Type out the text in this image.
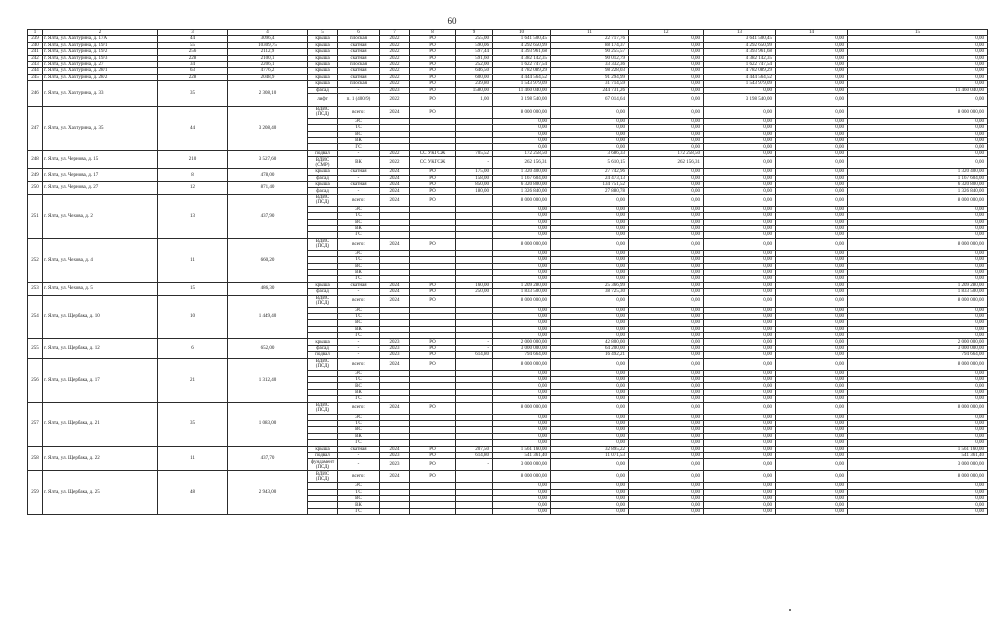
60
1	2	3	4	5	6	7	8	9	10	11	12	13	14	15
239	г. Ялта, ул. Хахтурина, д. 17А	44	3096,4	крыша	плоская	2022	РО	255,00	1 641 500,45	22 717,76	0,00	3 641 500,45	0,00	0,00
240	г. Ялта, ул. Хахтурина, д. 19/1	55	10309,75	крыша	скатная	2022	РО	590,06	4 292 650,99	88 174,37	0,00	4 292 650,99	0,00	0,00
241	г. Ялта, ул. Хахтурина, д. 19/2	256	2112,9	крыша	скатная	2022	РО	597,44	4 393 961,68	90 255,57	0,00	4 393 961,68	0,00	0,00
242	г. Ялта, ул. Хахтурина, д. 19/3	228	2100,1	крыша	скатная	2022	РО	591,60	4 382 142,35	90 012,79	0,00	4 382 142,35	0,00	0,00
243	г. Ялта, ул. Хахтурина, д. 27	34	2206,1	крыша	плоская	2022	РО	252,00	1 622 747,54	33 332,36	0,00	1 622 747,54	0,00	0,00
244	г. Ялта, ул. Хахтурина, д. 28/1	63	4776,2	крыша	скатная	2022	РО	646,50	4 782 089,29	98 228,03	0,00	4 782 089,29	0,00	0,00
245	г. Ялта, ул. Хахтурина, д. 28/2	228	2048,9	крыша	скатная	2022	РО	600,00	4 444 564,52	91 294,99	0,00	4 444 564,52	0,00	0,00
246	г. Ялта, ул. Хахтурина, д. 33	35	2 308,10	крыша	плоская	2022	РО	239,80	1 543 979,09	31 714,59	0,00	1 543 979,09	0,00	0,00
				фасад	-	2023	РО	1580,00	11 460 040,00	244 731,26	0,00	0,00	0,00	11 460 040,00
				лифт	п. 1 (400/9)	2022	РО	1,00	3 198 540,00	67 014,64	0,00	3 198 540,00	0,00	0,00
247	г. Ялта, ул. Хахтурина, д. 35	44	3 208,40	ВДИС (ПСД)	всего:	2024	РО		8 000 000,00	0,00	0,00	0,00	0,00	8 000 000,00
					ЭС				0,00	0,00	0,00	0,00	0,00	0,00
					ТС				0,00	0,00	0,00	0,00	0,00	0,00
					ВС				0,00	0,00	0,00	0,00	0,00	0,00
					ВК				0,00	0,00	0,00	0,00	0,00	0,00
					ГС				0,00	0,00	0,00	0,00	0,00	0,00
248	г. Ялта, ул. Чернова, д. 15	210	3 527,60	подвал	-	2022	СС УКГСЖ	705,52	172 258,50	3 686,33	172 258,50	0,00	0,00	0,00
				ВДИС (СМР)	ВК	2022	СС УКГСЖ	-	262 156,31	5 610,15	262 156,31	0,00	0,00	0,00
249	г. Ялта, ул. Чернова, д. 17	8	478,00	крыша	скатная	2024	РО	175,00	1 320 400,00	27 742,96	0,00	0,00	0,00	1 320 400,00
				фасад	-	2024	РО	158,00	1 167 604,00	24 473,13	0,00	0,00	0,00	1 167 604,00
250	г. Ялта, ул. Чернова, д. 27	12	871,40	крыша	скатная	2024	РО	850,00	6 320 800,00	134 751,52	0,00	0,00	0,00	6 320 800,00
				фасад	-	2024	РО	180,00	1 326 840,00	27 880,78	0,00	0,00	0,00	1 326 840,00
251	г. Ялта, ул. Чехова, д. 2	13	437,90	ВДИС (ПСД)	всего:	2024	РО		8 000 000,00	0,00	0,00	0,00	0,00	8 000 000,00
					ЭС				0,00	0,00	0,00	0,00	0,00	0,00
					ТС				0,00	0,00	0,00	0,00	0,00	0,00
					ВС				0,00	0,00	0,00	0,00	0,00	0,00
					ВК				0,00	0,00	0,00	0,00	0,00	0,00
					ГС				0,00	0,00	0,00	0,00	0,00	0,00
252	г. Ялта, ул. Чехова, д. 4	11	660,20	ВДИС (ПСД)	всего:	2024	РО		8 000 000,00	0,00	0,00	0,00	0,00	8 000 000,00
					ЭС				0,00	0,00	0,00	0,00	0,00	0,00
					ТС				0,00	0,00	0,00	0,00	0,00	0,00
					ВС				0,00	0,00	0,00	0,00	0,00	0,00
					ВК				0,00	0,00	0,00	0,00	0,00	0,00
					ГС				0,00	0,00	0,00	0,00	0,00	0,00
253	г. Ялта, ул. Чехова, д. 5	15	486,30	крыша	скатная	2024	РО	160,00	1 209 280,00	25 366,99	0,00	0,00	0,00	1 209 280,00
				фасад	-	2024	РО	250,00	1 833 500,00	38 725,30	0,00	0,00	0,00	1 833 500,00
254	г. Ялта, ул. Щербака, д. 10	10	1 449,40	ВДИС (ПСД)	всего:	2024	РО		8 000 000,00	0,00	0,00	0,00	0,00	8 000 000,00
					ЭС				0,00	0,00	0,00	0,00	0,00	0,00
					ТС				0,00	0,00	0,00	0,00	0,00	0,00
					ВС				0,00	0,00	0,00	0,00	0,00	0,00
					ВК				0,00	0,00	0,00	0,00	0,00	0,00
					ГС				0,00	0,00	0,00	0,00	0,00	0,00
255	г. Ялта, ул. Щербака, д. 12	6	652,00	крыша	-	2023	РО	-	2 000 000,00	42 800,00	0,00	0,00	0,00	2 000 000,00
				фасад	-	2023	РО	-	3 000 000,00	64 200,00	0,00	0,00	0,00	3 000 000,00
				подвал	-	2023	РО	614,80	794 664,00	16 492,21	0,00	0,00	0,00	794 664,00
256	г. Ялта, ул. Щербака, д. 17	21	1 312,40	ВДИС (ПСД)	всего:	2024	РО		8 000 000,00	0,00	0,00	0,00	0,00	8 000 000,00
					ЭС				0,00	0,00	0,00	0,00	0,00	0,00
					ТС				0,00	0,00	0,00	0,00	0,00	0,00
					ВС				0,00	0,00	0,00	0,00	0,00	0,00
					ВК				0,00	0,00	0,00	0,00	0,00	0,00
					ГС				0,00	0,00	0,00	0,00	0,00	0,00
257	г. Ялта, ул. Щербака, д. 21	35	1 083,00	ВДИС (ПСД)	всего:	2024	РО		8 000 000,00	0,00	0,00	0,00	0,00	8 000 000,00
					ЭС				0,00	0,00	0,00	0,00	0,00	0,00
					ТС				0,00	0,00	0,00	0,00	0,00	0,00
					ВС				0,00	0,00	0,00	0,00	0,00	0,00
					ВК				0,00	0,00	0,00	0,00	0,00	0,00
					ГС				0,00	0,00	0,00	0,00	0,00	0,00
258	г. Ялта, ул. Щербака, д. 22	11	437,70	крыша	скатная	2024	РО	207,50	1 561 160,00	32 895,22	0,00	0,00	0,00	1 561 160,00
				подвал	-	2023	РО	614,80	541 361,40	11 071,53	0,00	0,00	0,00	541 361,40
				фундамент (ПСД)	-	2023	РО	-	3 000 000,00	0,00	0,00	0,00	0,00	3 000 000,00
259	г. Ялта, ул. Щербака, д. 25	48	2 943,00	ВДИС (ПСД)	всего:	2024	РО		8 000 000,00	0,00	0,00	0,00	0,00	8 000 000,00
					ЭС				0,00	0,00	0,00	0,00	0,00	0,00
					ТС				0,00	0,00	0,00	0,00	0,00	0,00
					ВС				0,00	0,00	0,00	0,00	0,00	0,00
					ВК				0,00	0,00	0,00	0,00	0,00	0,00
					ГС				0,00	0,00	0,00	0,00	0,00	0,00
